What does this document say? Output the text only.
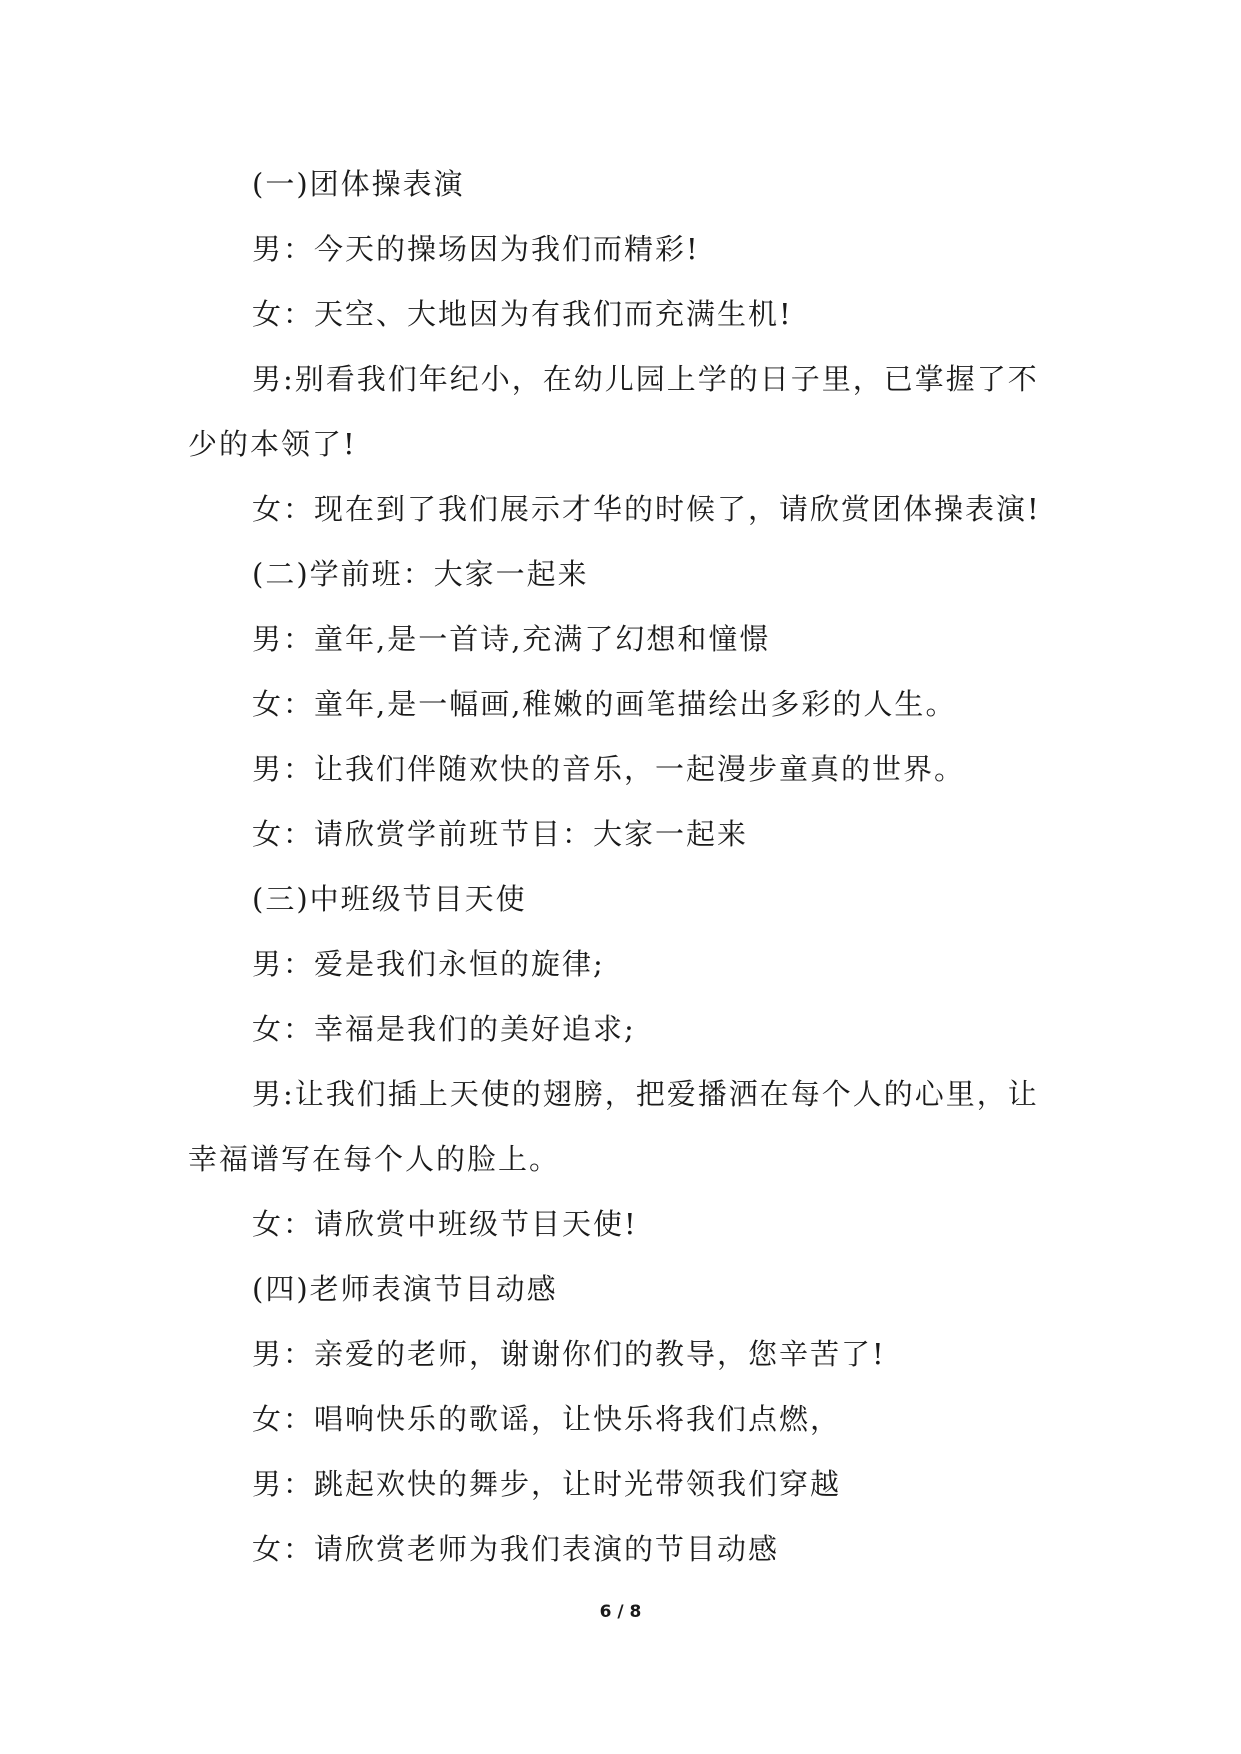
(一)团体操表演

男：今天的操场因为我们而精彩!

女：天空、大地因为有我们而充满生机!

男:别看我们年纪小，在幼儿园上学的日子里，已掌握了不少的本领了!

女：现在到了我们展示才华的时候了，请欣赏团体操表演!

(二)学前班：大家一起来

男：童年,是一首诗,充满了幻想和憧憬

女：童年,是一幅画,稚嫩的画笔描绘出多彩的人生。

男：让我们伴随欢快的音乐，一起漫步童真的世界。

女：请欣赏学前班节目：大家一起来

(三)中班级节目天使

男：爱是我们永恒的旋律;

女：幸福是我们的美好追求;

男:让我们插上天使的翅膀，把爱播洒在每个人的心里，让幸福谱写在每个人的脸上。

女：请欣赏中班级节目天使!

(四)老师表演节目动感

男：亲爱的老师，谢谢你们的教导，您辛苦了!

女：唱响快乐的歌谣，让快乐将我们点燃，

男：跳起欢快的舞步，让时光带领我们穿越

女：请欣赏老师为我们表演的节目动感

6 / 8
